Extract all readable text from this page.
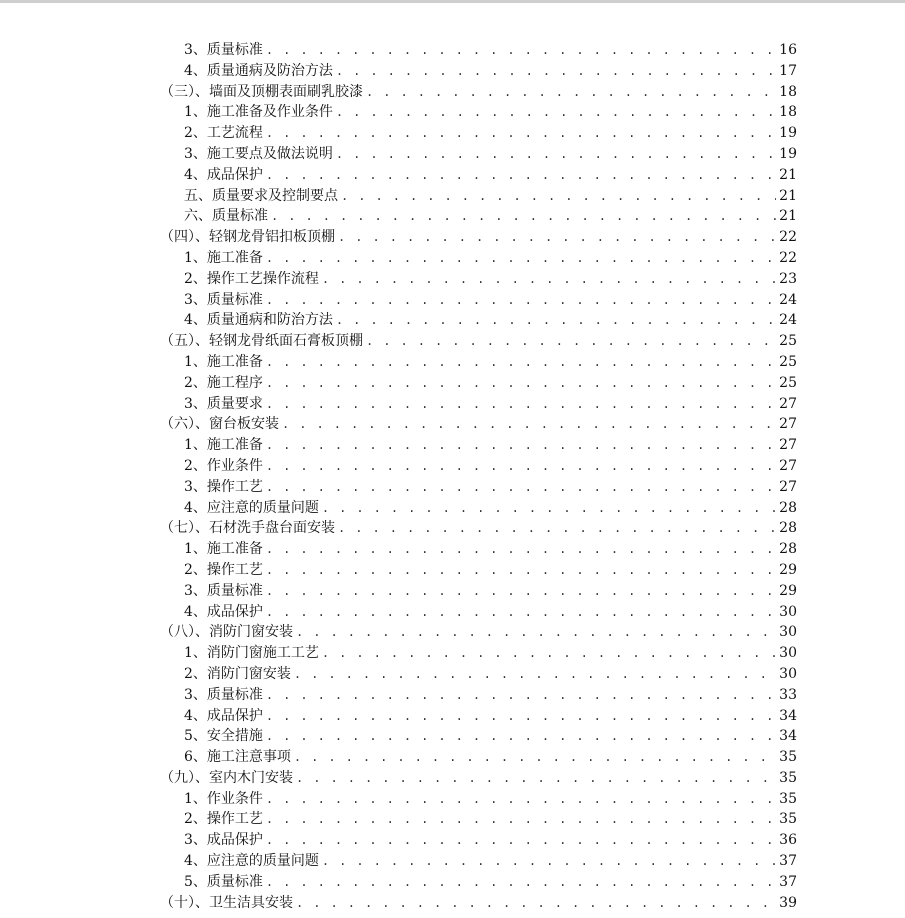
3、质量标准 . . .	16
4、质量通病及防治方法 . . .	17
（三）、墙面及顶棚表面刷乳胶漆 . . .	18
1、施工准备及作业条件 . . .	18
2、工艺流程 . . .	19
3、施工要点及做法说明 . . .	19
4、成品保护 . . .	21
五、质量要求及控制要点 . . .	21
六、质量标准 . . .	21
（四）、轻钢龙骨铝扣板顶棚 . . .	22
1、施工准备 . . .	22
2、操作工艺操作流程 . . .	23
3、质量标准 . . .	24
4、质量通病和防治方法 . . .	24
（五）、轻钢龙骨纸面石膏板顶棚 . . .	25
1、施工准备 . . .	25
2、施工程序 . . .	25
3、质量要求 . . .	27
（六）、窗台板安装 . . .	27
1、施工准备 . . .	27
2、作业条件 . . .	27
3、操作工艺 . . .	27
4、应注意的质量问题 . . .	28
（七）、石材洗手盘台面安装 . . .	28
1、施工准备 . . .	28
2、操作工艺 . . .	29
3、质量标准 . . .	29
4、成品保护 . . .	30
（八）、消防门窗安装 . . .	30
1、消防门窗施工工艺 . . .	30
2、消防门窗安装 . . .	30
3、质量标准 . . .	33
4、成品保护 . . .	34
5、安全措施 . . .	34
6、施工注意事项 . . .	35
（九）、室内木门安装 . . .	35
1、作业条件 . . .	35
2、操作工艺 . . .	35
3、成品保护 . . .	36
4、应注意的质量问题 . . .	37
5、质量标准 . . .	37
（十）、卫生洁具安装 . . .	39
